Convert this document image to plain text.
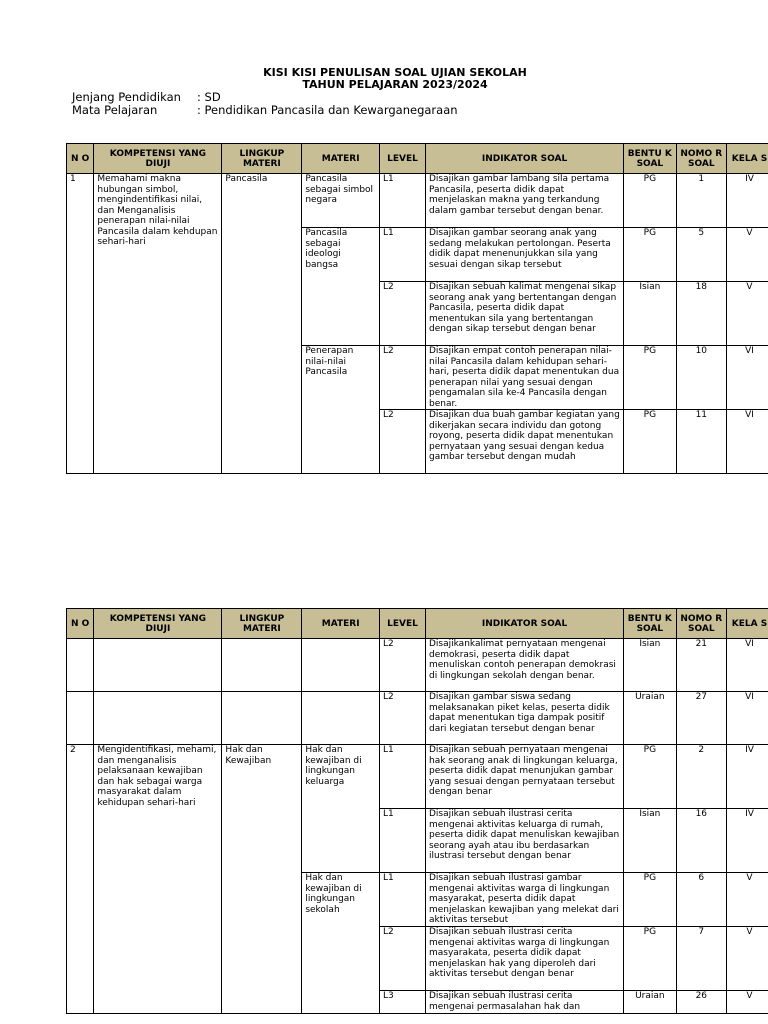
KISI KISI PENULISAN SOAL UJIAN SEKOLAH
TAHUN PELAJARAN 2023/2024
Jenjang Pendidikan : SD
Mata Pelajaran	: Pendidikan Pancasila dan Kewarganegaraan
N O	KOMPETENSI YANG DIUJI	LINGKUP MATERI	MATERI	LEVEL	INDIKATOR SOAL	BENTU K SOAL	NOMO R SOAL	KELA S
1	Memahami makna hubungan simbol, mengindentifikasi nilai, dan Menganalisis penerapan nilai-nilai Pancasila dalam kehdupan sehari-hari	Pancasila	Pancasila sebagai simbol negara	L1	Disajikan gambar lambang sila pertama Pancasila, peserta didik dapat menjelaskan makna yang terkandung dalam gambar tersebut dengan benar.	PG	1	IV
			Pancasila sebagai ideologi bangsa	L1	Disajikan gambar seorang anak yang sedang melakukan pertolongan. Peserta didik dapat menenunjukkan sila yang sesuai dengan sikap tersebut	PG	5	V
				L2	Disajikan sebuah kalimat mengenai sikap seorang anak yang bertentangan dengan Pancasila, peserta didik dapat menentukan sila yang bertentangan dengan sikap tersebut dengan benar	Isian	18	V
			Penerapan nilai-nilai Pancasila	L2	Disajikan empat contoh penerapan nilai-nilai Pancasila dalam kehidupan sehari-hari, peserta didik dapat menentukan dua penerapan nilai yang sesuai dengan pengamalan sila ke-4 Pancasila dengan benar.	PG	10	VI
				L2	Disajikan dua buah gambar kegiatan yang dikerjakan secara individu dan gotong royong, peserta didik dapat menentukan pernyataan yang sesuai dengan kedua gambar tersebut dengan mudah	PG	11	VI
N O	KOMPETENSI YANG DIUJI	LINGKUP MATERI	MATERI	LEVEL	INDIKATOR SOAL	BENTU K SOAL	NOMO R SOAL	KELA S
				L2	Disajikankalimat pernyataan mengenai demokrasi, peserta didik dapat menuliskan contoh penerapan demokrasi di lingkungan sekolah dengan benar.	Isian	21	VI
				L2	Disajikan gambar siswa sedang melaksanakan piket kelas, peserta didik dapat menentukan tiga dampak positif dari kegiatan tersebut dengan benar	Uraian	27	VI
2	Mengidentifikasi, mehami, dan menganalisis pelaksanaan kewajiban dan hak sebagai warga masyarakat dalam kehidupan sehari-hari	Hak dan Kewajiban	Hak dan kewajiban di lingkungan keluarga	L1	Disajikan sebuah pernyataan mengenai hak seorang anak di lingkungan keluarga, peserta didik dapat menunjukan gambar yang sesuai dengan pernyataan tersebut dengan benar	PG	2	IV
				L1	Disajikan sebuah ilustrasi cerita mengenai aktivitas keluarga di rumah, peserta didik dapat menuliskan kewajiban seorang ayah atau ibu berdasarkan ilustrasi tersebut dengan benar	Isian	16	IV
			Hak dan kewajiban di lingkungan sekolah	L1	Disajikan sebuah ilustrasi gambar mengenai aktivitas warga di lingkungan masyarakat, peserta didik dapat menjelaskan kewajiban yang melekat dari aktivitas tersebut	PG	6	V
				L2	Disajikan sebuah ilustrasi cerita mengenai aktivitas warga di lingkungan masyarakata, peserta didik dapat menjelaskan hak yang diperoleh dari aktivitas tersebut dengan benar	PG	7	V
				L3	Disajikan sebuah ilustrasi cerita mengenai permasalahan hak dan	Uraian	26	V
